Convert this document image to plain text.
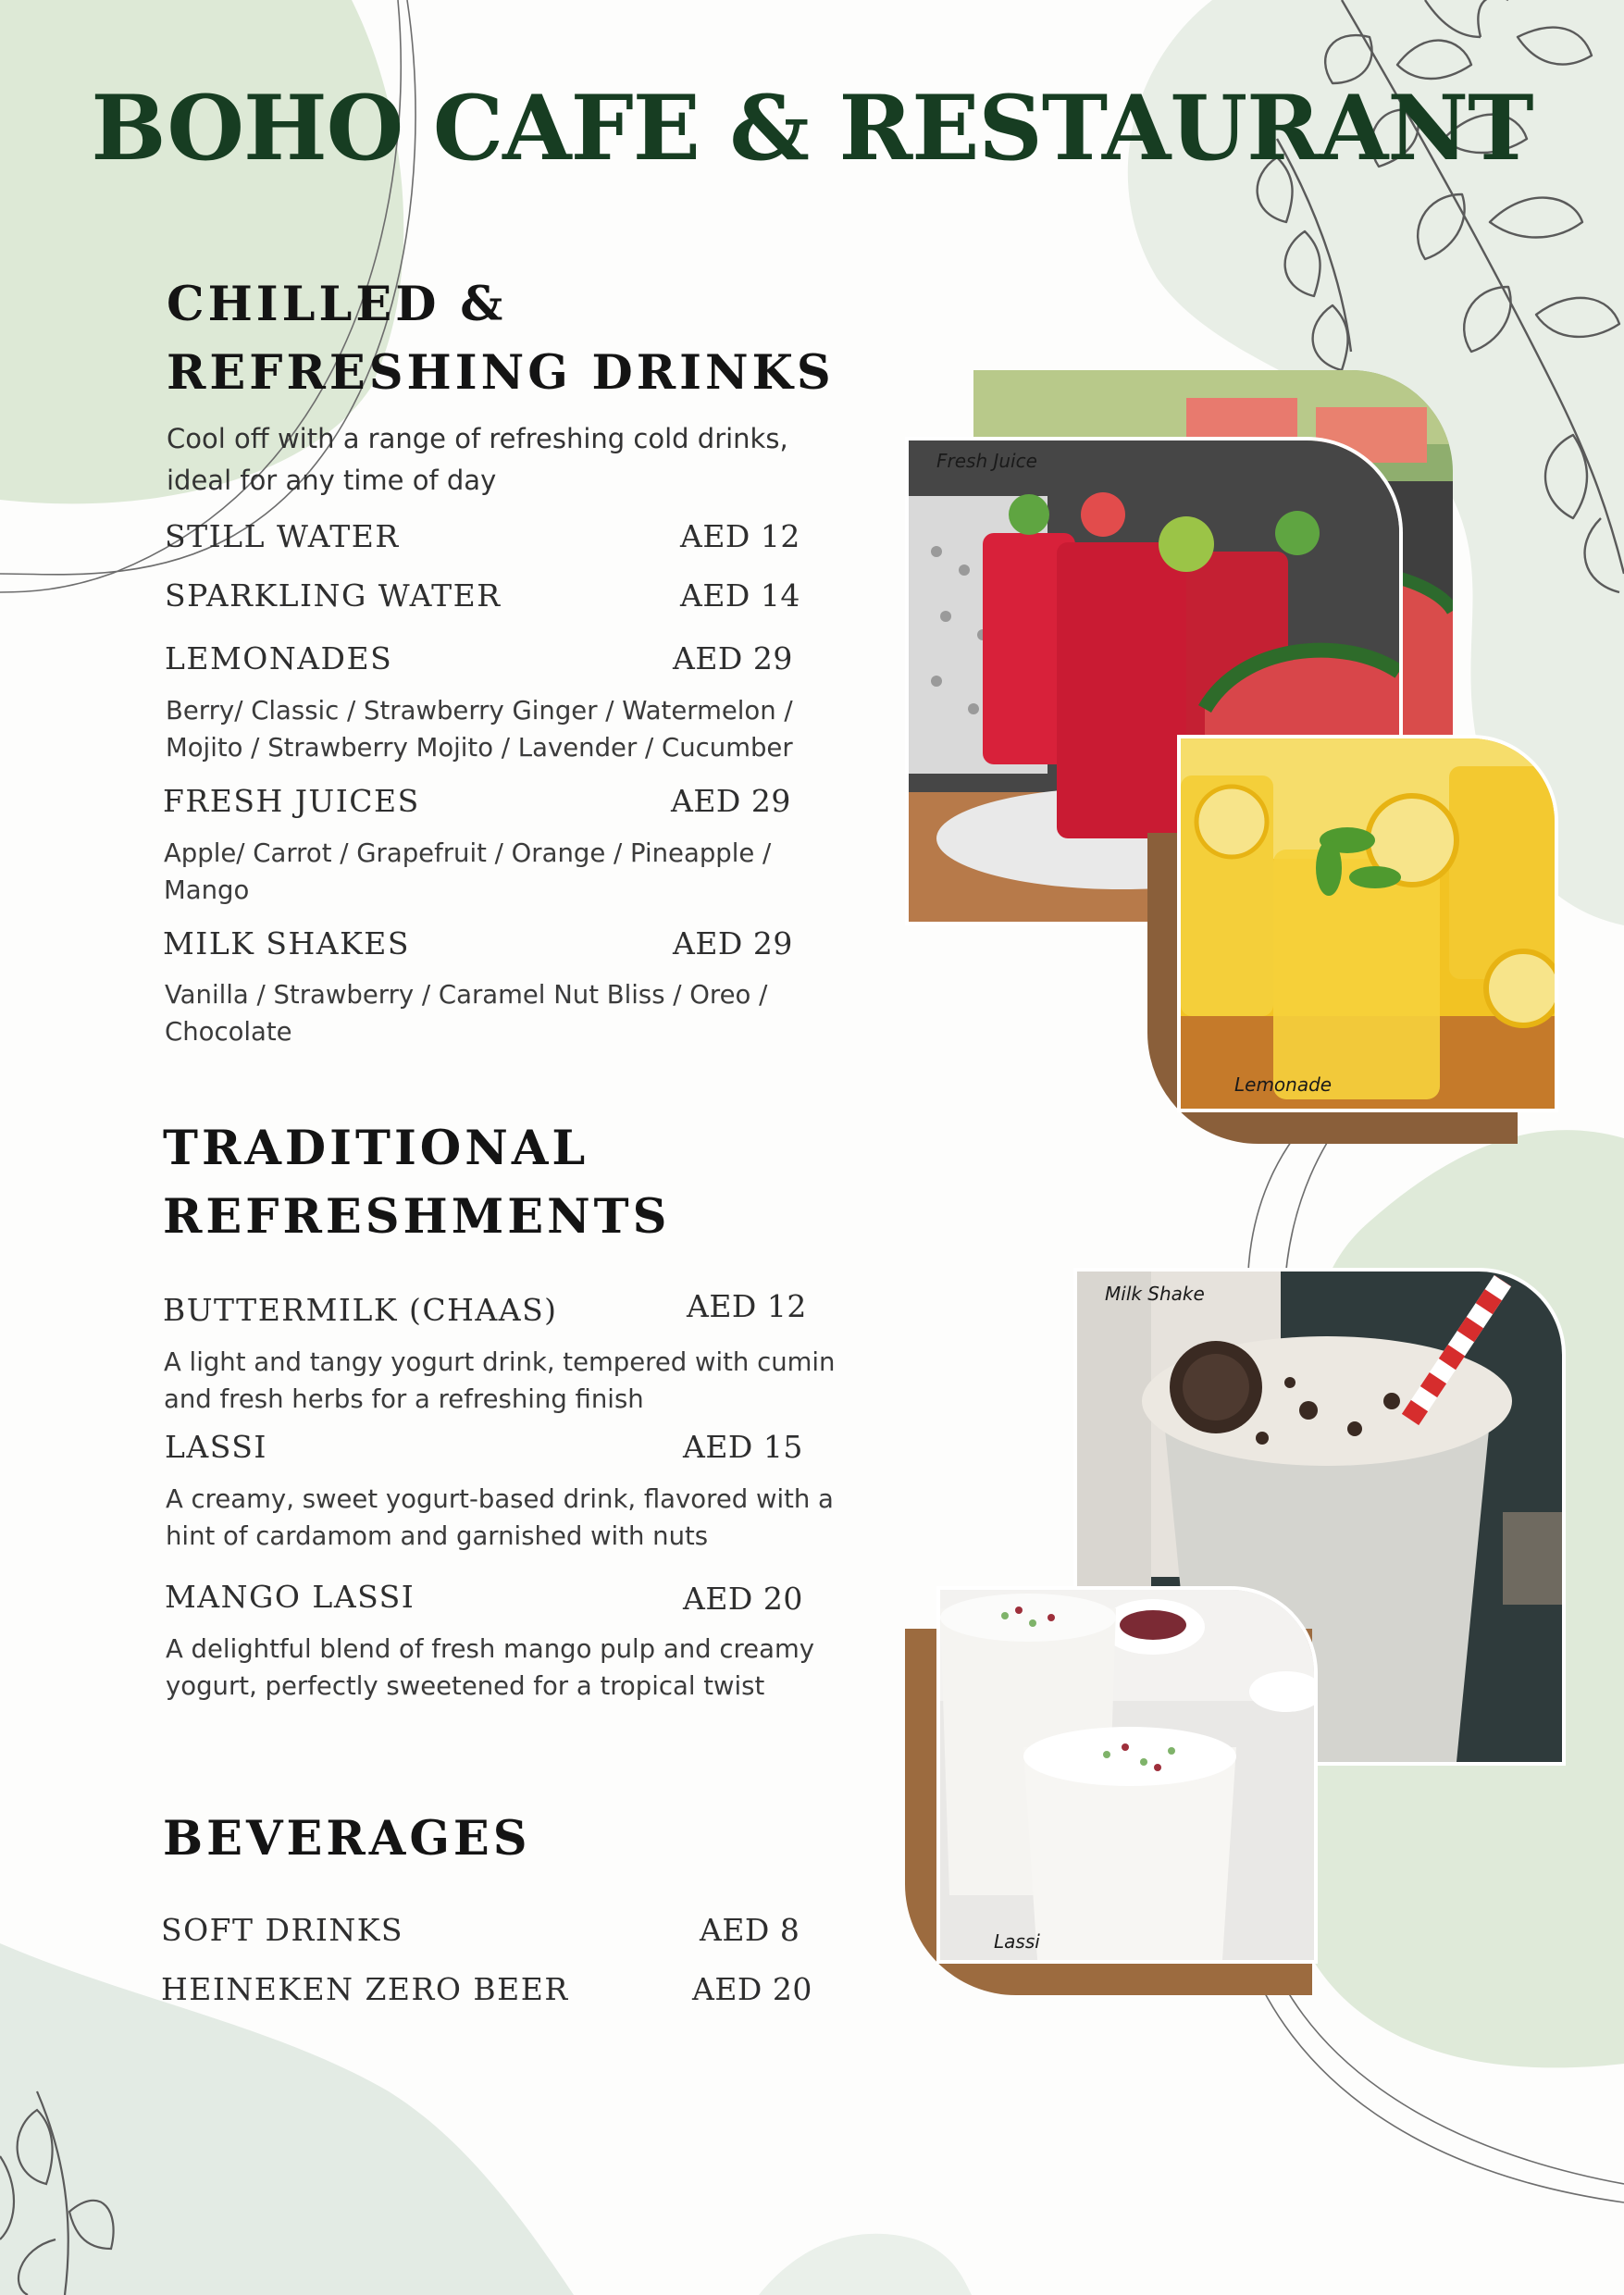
BOHO CAFE & RESTAURANT
CHILLED &
REFRESHING DRINKS
Cool off with a range of refreshing cold drinks,
ideal for any time of day
STILL WATER	AED 12
SPARKLING WATER	AED 14
LEMONADES	AED 29
Berry/ Classic / Strawberry Ginger / Watermelon /
Mojito / Strawberry Mojito / Lavender / Cucumber
FRESH JUICES	AED 29
Apple/ Carrot / Grapefruit / Orange / Pineapple /
Mango
MILK SHAKES	AED 29
Vanilla / Strawberry / Caramel Nut Bliss / Oreo /
Chocolate
TRADITIONAL
REFRESHMENTS
BUTTERMILK (CHAAS)	AED 12
A light and tangy yogurt drink, tempered with cumin
and fresh herbs for a refreshing finish
LASSI	AED 15
A creamy, sweet yogurt-based drink, flavored with a
hint of cardamom and garnished with nuts
MANGO LASSI	AED 20
A delightful blend of fresh mango pulp and creamy
yogurt, perfectly sweetened for a tropical twist
BEVERAGES
SOFT DRINKS	AED 8
HEINEKEN ZERO BEER	AED 20
Fresh Juice
Lemonade
Milk Shake
Lassi
